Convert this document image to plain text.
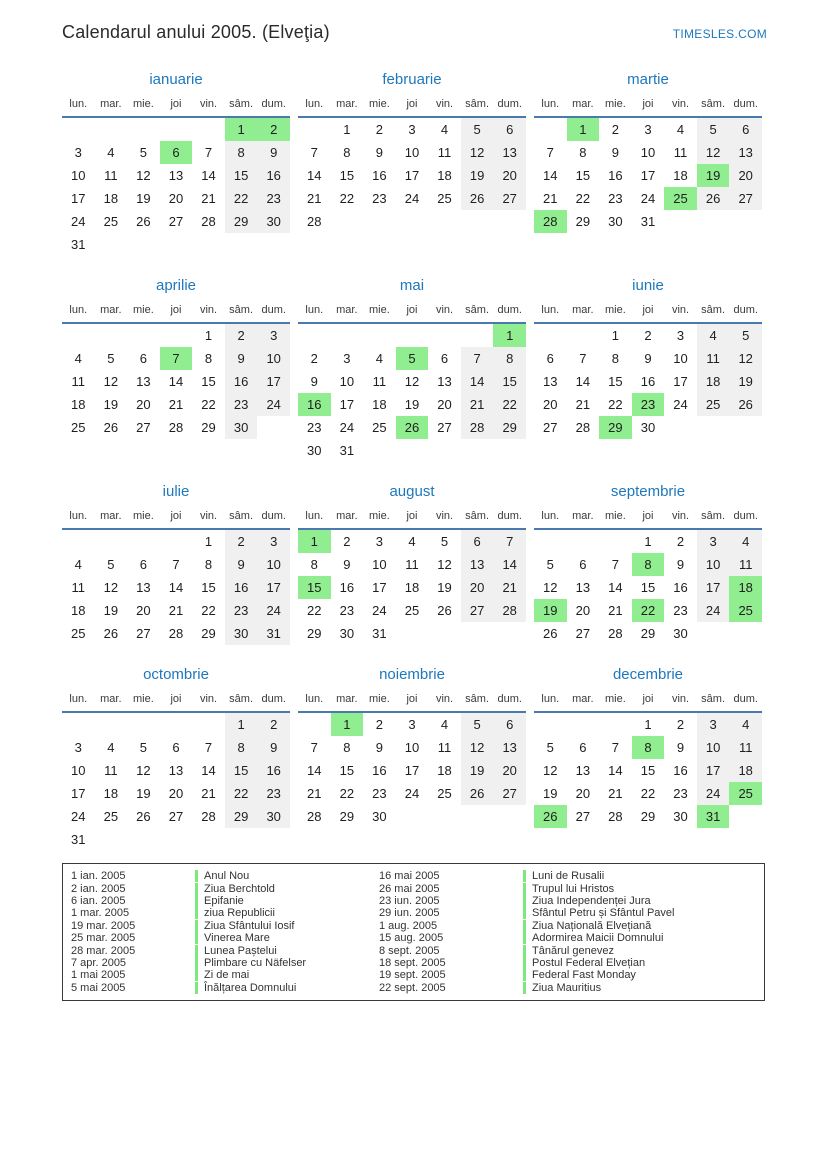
Calendarul anului 2005. (Elveţia)	TIMESLES.COM
ianuarie
lun.	mar.	mie.	joi	vin.	sâm.	dum.
					1	2
3	4	5	6	7	8	9
10	11	12	13	14	15	16
17	18	19	20	21	22	23
24	25	26	27	28	29	30
31						
februarie
lun.	mar.	mie.	joi	vin.	sâm.	dum.
	1	2	3	4	5	6
7	8	9	10	11	12	13
14	15	16	17	18	19	20
21	22	23	24	25	26	27
28						
martie
lun.	mar.	mie.	joi	vin.	sâm.	dum.
	1	2	3	4	5	6
7	8	9	10	11	12	13
14	15	16	17	18	19	20
21	22	23	24	25	26	27
28	29	30	31			
aprilie
lun.	mar.	mie.	joi	vin.	sâm.	dum.
				1	2	3
4	5	6	7	8	9	10
11	12	13	14	15	16	17
18	19	20	21	22	23	24
25	26	27	28	29	30	
mai
lun.	mar.	mie.	joi	vin.	sâm.	dum.
						1
2	3	4	5	6	7	8
9	10	11	12	13	14	15
16	17	18	19	20	21	22
23	24	25	26	27	28	29
30	31					
iunie
lun.	mar.	mie.	joi	vin.	sâm.	dum.
		1	2	3	4	5
6	7	8	9	10	11	12
13	14	15	16	17	18	19
20	21	22	23	24	25	26
27	28	29	30			
iulie
lun.	mar.	mie.	joi	vin.	sâm.	dum.
				1	2	3
4	5	6	7	8	9	10
11	12	13	14	15	16	17
18	19	20	21	22	23	24
25	26	27	28	29	30	31
august
lun.	mar.	mie.	joi	vin.	sâm.	dum.
1	2	3	4	5	6	7
8	9	10	11	12	13	14
15	16	17	18	19	20	21
22	23	24	25	26	27	28
29	30	31				
septembrie
lun.	mar.	mie.	joi	vin.	sâm.	dum.
			1	2	3	4
5	6	7	8	9	10	11
12	13	14	15	16	17	18
19	20	21	22	23	24	25
26	27	28	29	30		
octombrie
lun.	mar.	mie.	joi	vin.	sâm.	dum.
					1	2
3	4	5	6	7	8	9
10	11	12	13	14	15	16
17	18	19	20	21	22	23
24	25	26	27	28	29	30
31						
noiembrie
lun.	mar.	mie.	joi	vin.	sâm.	dum.
	1	2	3	4	5	6
7	8	9	10	11	12	13
14	15	16	17	18	19	20
21	22	23	24	25	26	27
28	29	30				
decembrie
lun.	mar.	mie.	joi	vin.	sâm.	dum.
			1	2	3	4
5	6	7	8	9	10	11
12	13	14	15	16	17	18
19	20	21	22	23	24	25
26	27	28	29	30	31	
1 ian. 2005	Anul Nou
2 ian. 2005	Ziua Berchtold
6 ian. 2005	Epifanie
1 mar. 2005	ziua Republicii
19 mar. 2005	Ziua Sfântului Iosif
25 mar. 2005	Vinerea Mare
28 mar. 2005	Lunea Paștelui
7 apr. 2005	Plimbare cu Näfelser
1 mai 2005	Zi de mai
5 mai 2005	Înălțarea Domnului
16 mai 2005	Luni de Rusalii
26 mai 2005	Trupul lui Hristos
23 iun. 2005	Ziua Independenței Jura
29 iun. 2005	Sfântul Petru și Sfântul Pavel
1 aug. 2005	Ziua Națională Elvețiană
15 aug. 2005	Adormirea Maicii Domnului
8 sept. 2005	Tânărul genevez
18 sept. 2005	Postul Federal Elvețian
19 sept. 2005	Federal Fast Monday
22 sept. 2005	Ziua Mauritius
